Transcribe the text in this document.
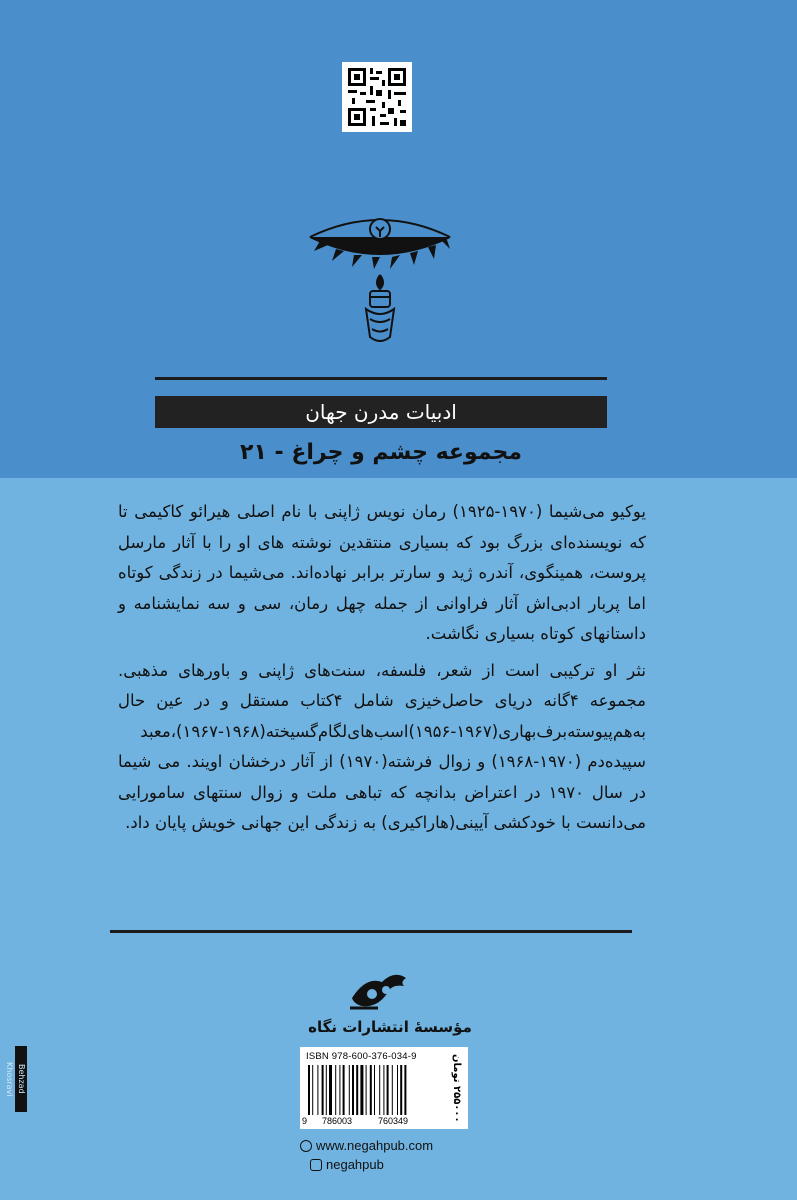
ادبیات مدرن جهان
مجموعه چشم و چراغ - ۲۱

یوکیو می‌شیما (۱۹۷۰-۱۹۲۵) رمان نویس ژاپنی با نام اصلی هیرائو کاکیمی تا که نویسنده‌ای بزرگ بود که بسیاری منتقدین نوشته های او را با آثار مارسل پروست، همینگوی، آندره ژید و سارتر برابر نهاده‌اند. می‌شیما در زندگی کوتاه اما پربار ادبی‌اش آثار فراوانی از جمله چهل رمان، سی و سه نمایشنامه و داستانهای کوتاه بسیاری نگاشت.

نثر او ترکیبی است از شعر، فلسفه، سنت‌های ژاپنی و باورهای مذهبی. مجموعه ۴گانه دریای حاصل‌خیزی شامل ۴کتاب مستقل و در عین حال به‌هم‌پیوسته‌برف‌بهاری(۱۹۶۷-۱۹۵۶)اسب‌های‌لگام‌گسیخته(۱۹۶۸-۱۹۶۷)،معبد سپیده‌دم (۱۹۷۰-۱۹۶۸) و زوال فرشته(۱۹۷۰) از آثار درخشان اویند. می شیما در سال ۱۹۷۰ در اعتراض بدانچه که تباهی ملت و زوال سنتهای سامورایی می‌دانست با خودکشی آیینی(هاراکیری) به زندگی این جهانی خویش پایان داد.

مؤسسهٔ انتشارات نگاه
Behzad Khosravi
ISBN 978-600-376-034-9
9 786003	760349
۲۵۵۰۰۰ تومان
www.negahpub.com
negahpub
